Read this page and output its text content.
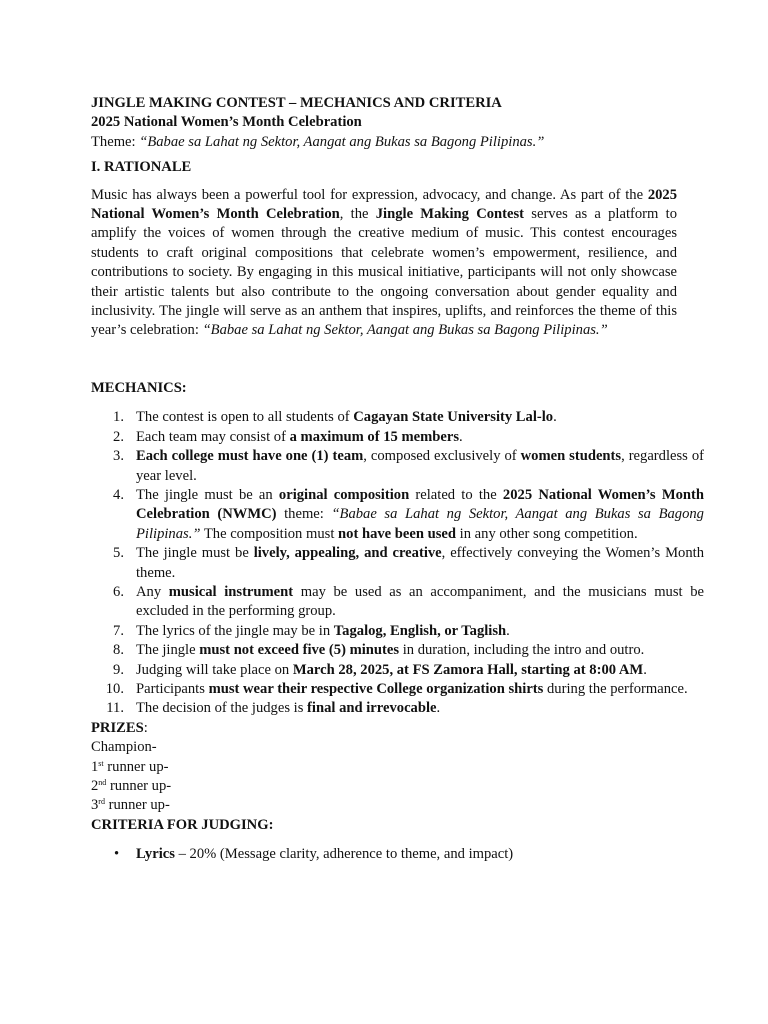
JINGLE MAKING CONTEST – MECHANICS AND CRITERIA

2025 National Women’s Month Celebration

Theme: “Babae sa Lahat ng Sektor, Aangat ang Bukas sa Bagong Pilipinas.”

I. RATIONALE

Music has always been a powerful tool for expression, advocacy, and change. As part of the 2025 National Women’s Month Celebration, the Jingle Making Contest serves as a platform to amplify the voices of women through the creative medium of music. This contest encourages students to craft original compositions that celebrate women’s empowerment, resilience, and contributions to society. By engaging in this musical initiative, participants will not only showcase their artistic talents but also contribute to the ongoing conversation about gender equality and inclusivity. The jingle will serve as an anthem that inspires, uplifts, and reinforces the theme of this year’s celebration: “Babae sa Lahat ng Sektor, Aangat ang Bukas sa Bagong Pilipinas.”

MECHANICS:

1. The contest is open to all students of Cagayan State University Lal-lo.
2. Each team may consist of a maximum of 15 members.
3. Each college must have one (1) team, composed exclusively of women students, regardless of year level.
4. The jingle must be an original composition related to the 2025 National Women’s Month Celebration (NWMC) theme: “Babae sa Lahat ng Sektor, Aangat ang Bukas sa Bagong Pilipinas.” The composition must not have been used in any other song competition.
5. The jingle must be lively, appealing, and creative, effectively conveying the Women’s Month theme.
6. Any musical instrument may be used as an accompaniment, and the musicians must be excluded in the performing group.
7. The lyrics of the jingle may be in Tagalog, English, or Taglish.
8. The jingle must not exceed five (5) minutes in duration, including the intro and outro.
9. Judging will take place on March 28, 2025, at FS Zamora Hall, starting at 8:00 AM.
10. Participants must wear their respective College organization shirts during the performance.
11. The decision of the judges is final and irrevocable.

PRIZES:

Champion-

1st runner up-

2nd runner up-

3rd runner up-

CRITERIA FOR JUDGING:

• Lyrics – 20% (Message clarity, adherence to theme, and impact)
